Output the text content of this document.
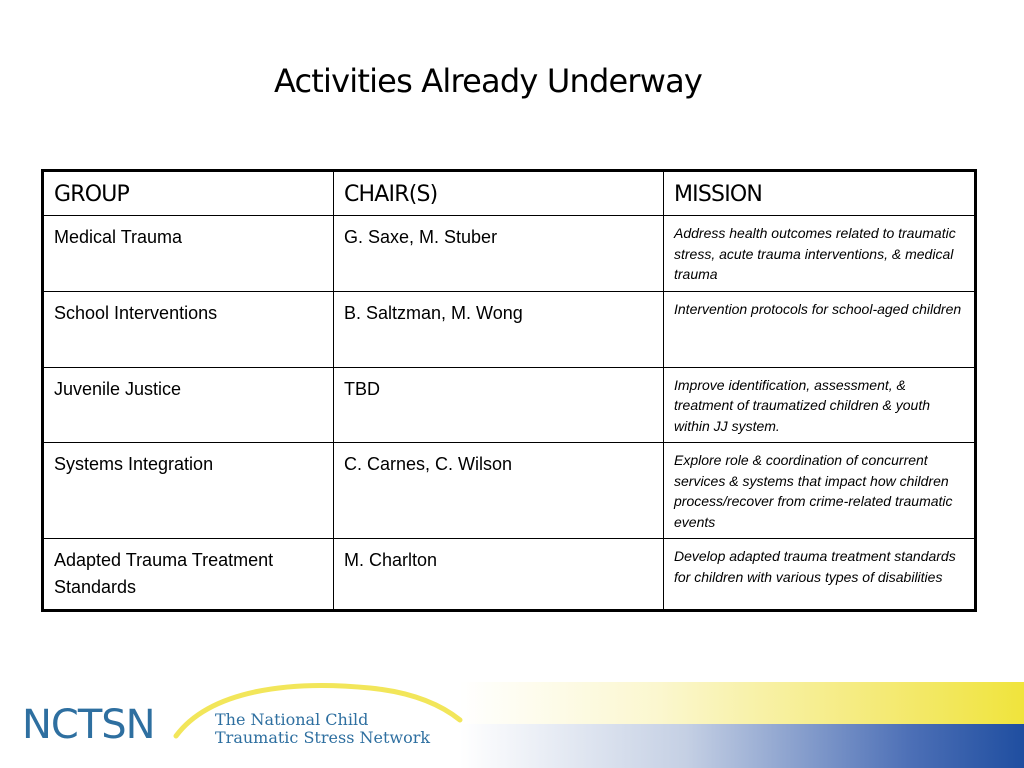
Activities Already Underway
GROUP	CHAIR(S)	MISSION
Medical Trauma	G. Saxe, M. Stuber	Address health outcomes related to traumatic stress, acute trauma interventions, & medical trauma
School Interventions	B. Saltzman, M. Wong	Intervention protocols for school-aged children
Juvenile Justice	TBD	Improve identification, assessment, & treatment of traumatized children & youth within JJ system.
Systems Integration	C. Carnes, C. Wilson	Explore role & coordination of concurrent services & systems that impact how children process/recover from crime-related traumatic events
Adapted Trauma Treatment Standards	M. Charlton	Develop adapted trauma treatment standards for children with various types of disabilities
NCTSN	The National Child
Traumatic Stress Network
